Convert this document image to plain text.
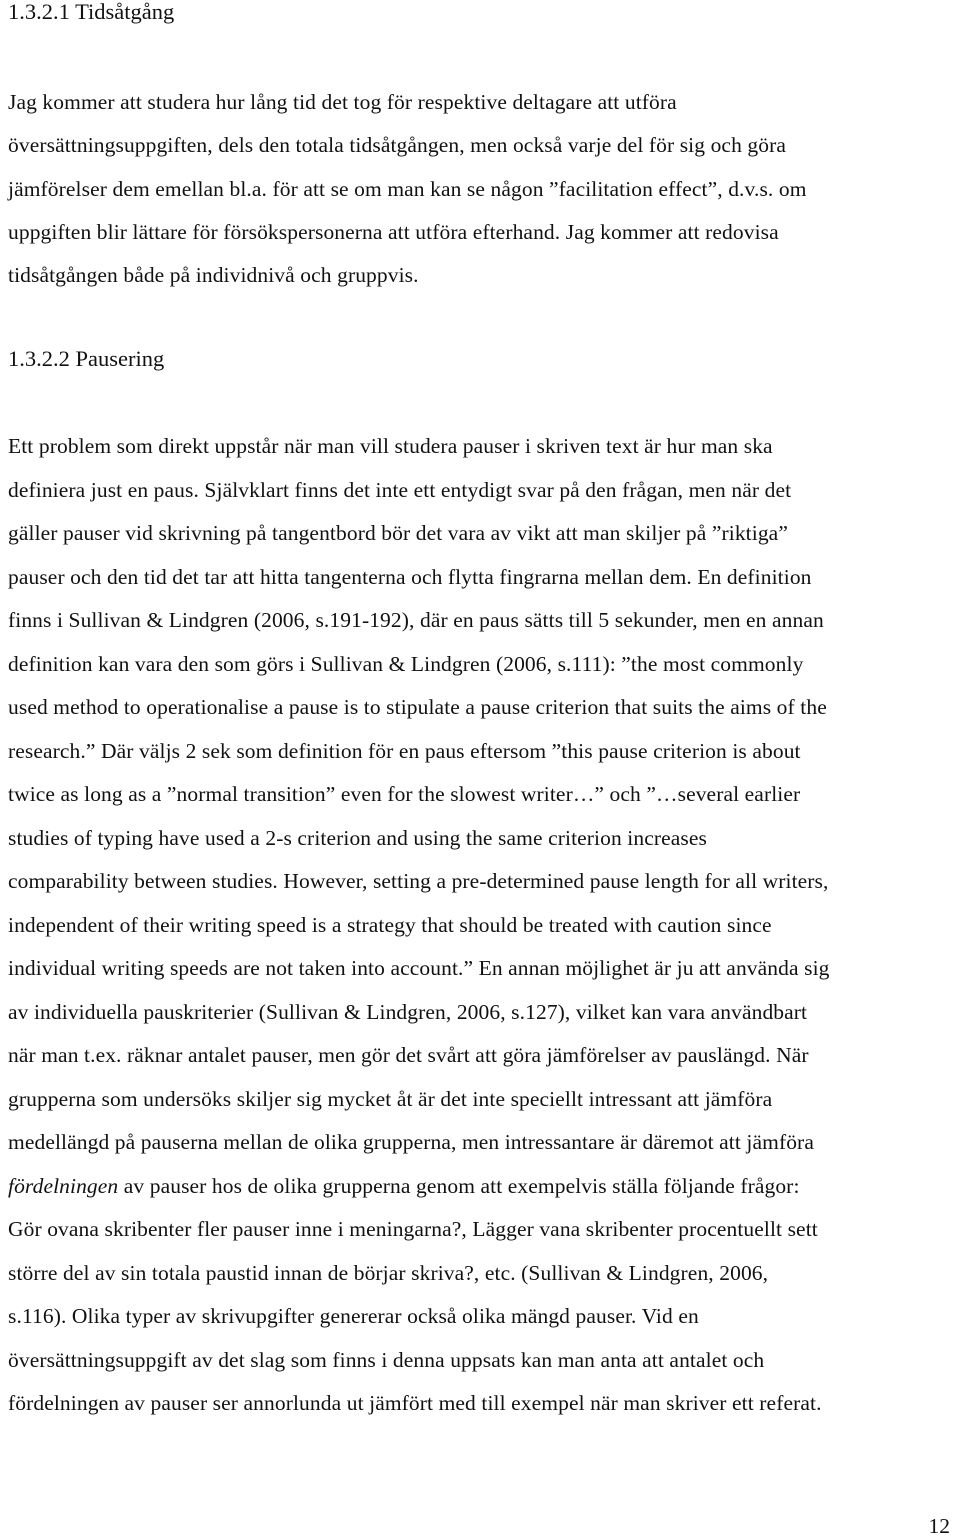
1.3.2.1 Tidsåtgång

Jag kommer att studera hur lång tid det tog för respektive deltagare att utföra
översättningsuppgiften, dels den totala tidsåtgången, men också varje del för sig och göra
jämförelser dem emellan bl.a. för att se om man kan se någon ”facilitation effect”, d.v.s. om
uppgiften blir lättare för försökspersonerna att utföra efterhand. Jag kommer att redovisa
tidsåtgången både på individnivå och gruppvis.

1.3.2.2 Pausering

Ett problem som direkt uppstår när man vill studera pauser i skriven text är hur man ska
definiera just en paus. Självklart finns det inte ett entydigt svar på den frågan, men när det
gäller pauser vid skrivning på tangentbord bör det vara av vikt att man skiljer på ”riktiga”
pauser och den tid det tar att hitta tangenterna och flytta fingrarna mellan dem. En definition
finns i Sullivan & Lindgren (2006, s.191-192), där en paus sätts till 5 sekunder, men en annan
definition kan vara den som görs i Sullivan & Lindgren (2006, s.111): ”the most commonly
used method to operationalise a pause is to stipulate a pause criterion that suits the aims of the
research.” Där väljs 2 sek som definition för en paus eftersom ”this pause criterion is about
twice as long as a ”normal transition” even for the slowest writer…” och ”…several earlier
studies of typing have used a 2-s criterion and using the same criterion increases
comparability between studies. However, setting a pre-determined pause length for all writers,
independent of their writing speed is a strategy that should be treated with caution since
individual writing speeds are not taken into account.” En annan möjlighet är ju att använda sig
av individuella pauskriterier (Sullivan & Lindgren, 2006, s.127), vilket kan vara användbart
när man t.ex. räknar antalet pauser, men gör det svårt att göra jämförelser av pauslängd. När
grupperna som undersöks skiljer sig mycket åt är det inte speciellt intressant att jämföra
medellängd på pauserna mellan de olika grupperna, men intressantare är däremot att jämföra
fördelningen av pauser hos de olika grupperna genom att exempelvis ställa följande frågor:
Gör ovana skribenter fler pauser inne i meningarna?, Lägger vana skribenter procentuellt sett
större del av sin totala paustid innan de börjar skriva?, etc. (Sullivan & Lindgren, 2006,
s.116). Olika typer av skrivupgifter genererar också olika mängd pauser. Vid en
översättningsuppgift av det slag som finns i denna uppsats kan man anta att antalet och
fördelningen av pauser ser annorlunda ut jämfört med till exempel när man skriver ett referat.

12
